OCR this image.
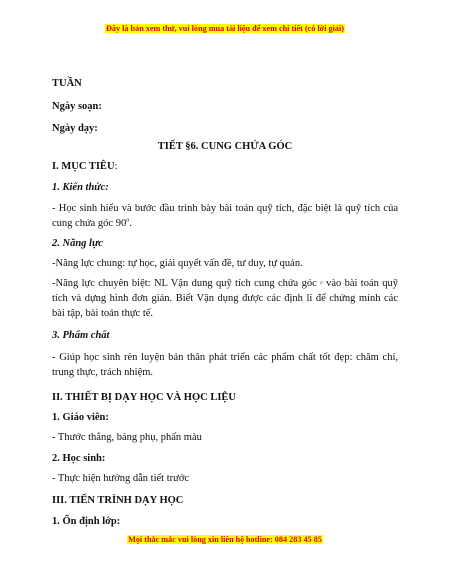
Đây là bản xem thử, vui lòng mua tài liệu để xem chi tiết (có lời giải)
TUẦN
Ngày soạn:
Ngày dạy:
TIẾT §6. CUNG CHỨA GÓC
I. MỤC TIÊU:
1. Kiến thức:
- Học sinh hiểu và bước đầu trình bày bài toán quỹ tích, đặc biệt là quỹ tích của cung chứa góc 90$^o$.
2. Năng lực
-Năng lực chung: tự học, giải quyết vấn đề, tư duy, tự quản.
-Năng lực chuyên biệt: NL Vận dung quỹ tích cung chứa góc α vào bài toán quỹ tích và dựng hình đơn giản. Biết Vận dụng được các định lí để chứng minh các bài tập, bài toán thực tế.
3. Phẩm chất
- Giúp học sinh rèn luyện bản thân phát triển các phẩm chất tốt đẹp: chăm chỉ, trung thực, trách nhiệm.
II. THIẾT BỊ DẠY HỌC VÀ HỌC LIỆU
1. Giáo viên:
- Thước thẳng, bảng phụ, phấn màu
2. Học sinh:
- Thực hiện hướng dẫn tiết trước
III. TIẾN TRÌNH DẠY HỌC
1. Ổn định lớp:
Mọi thắc mắc vui lòng xin liên hệ hotline: 084 283 45 85
